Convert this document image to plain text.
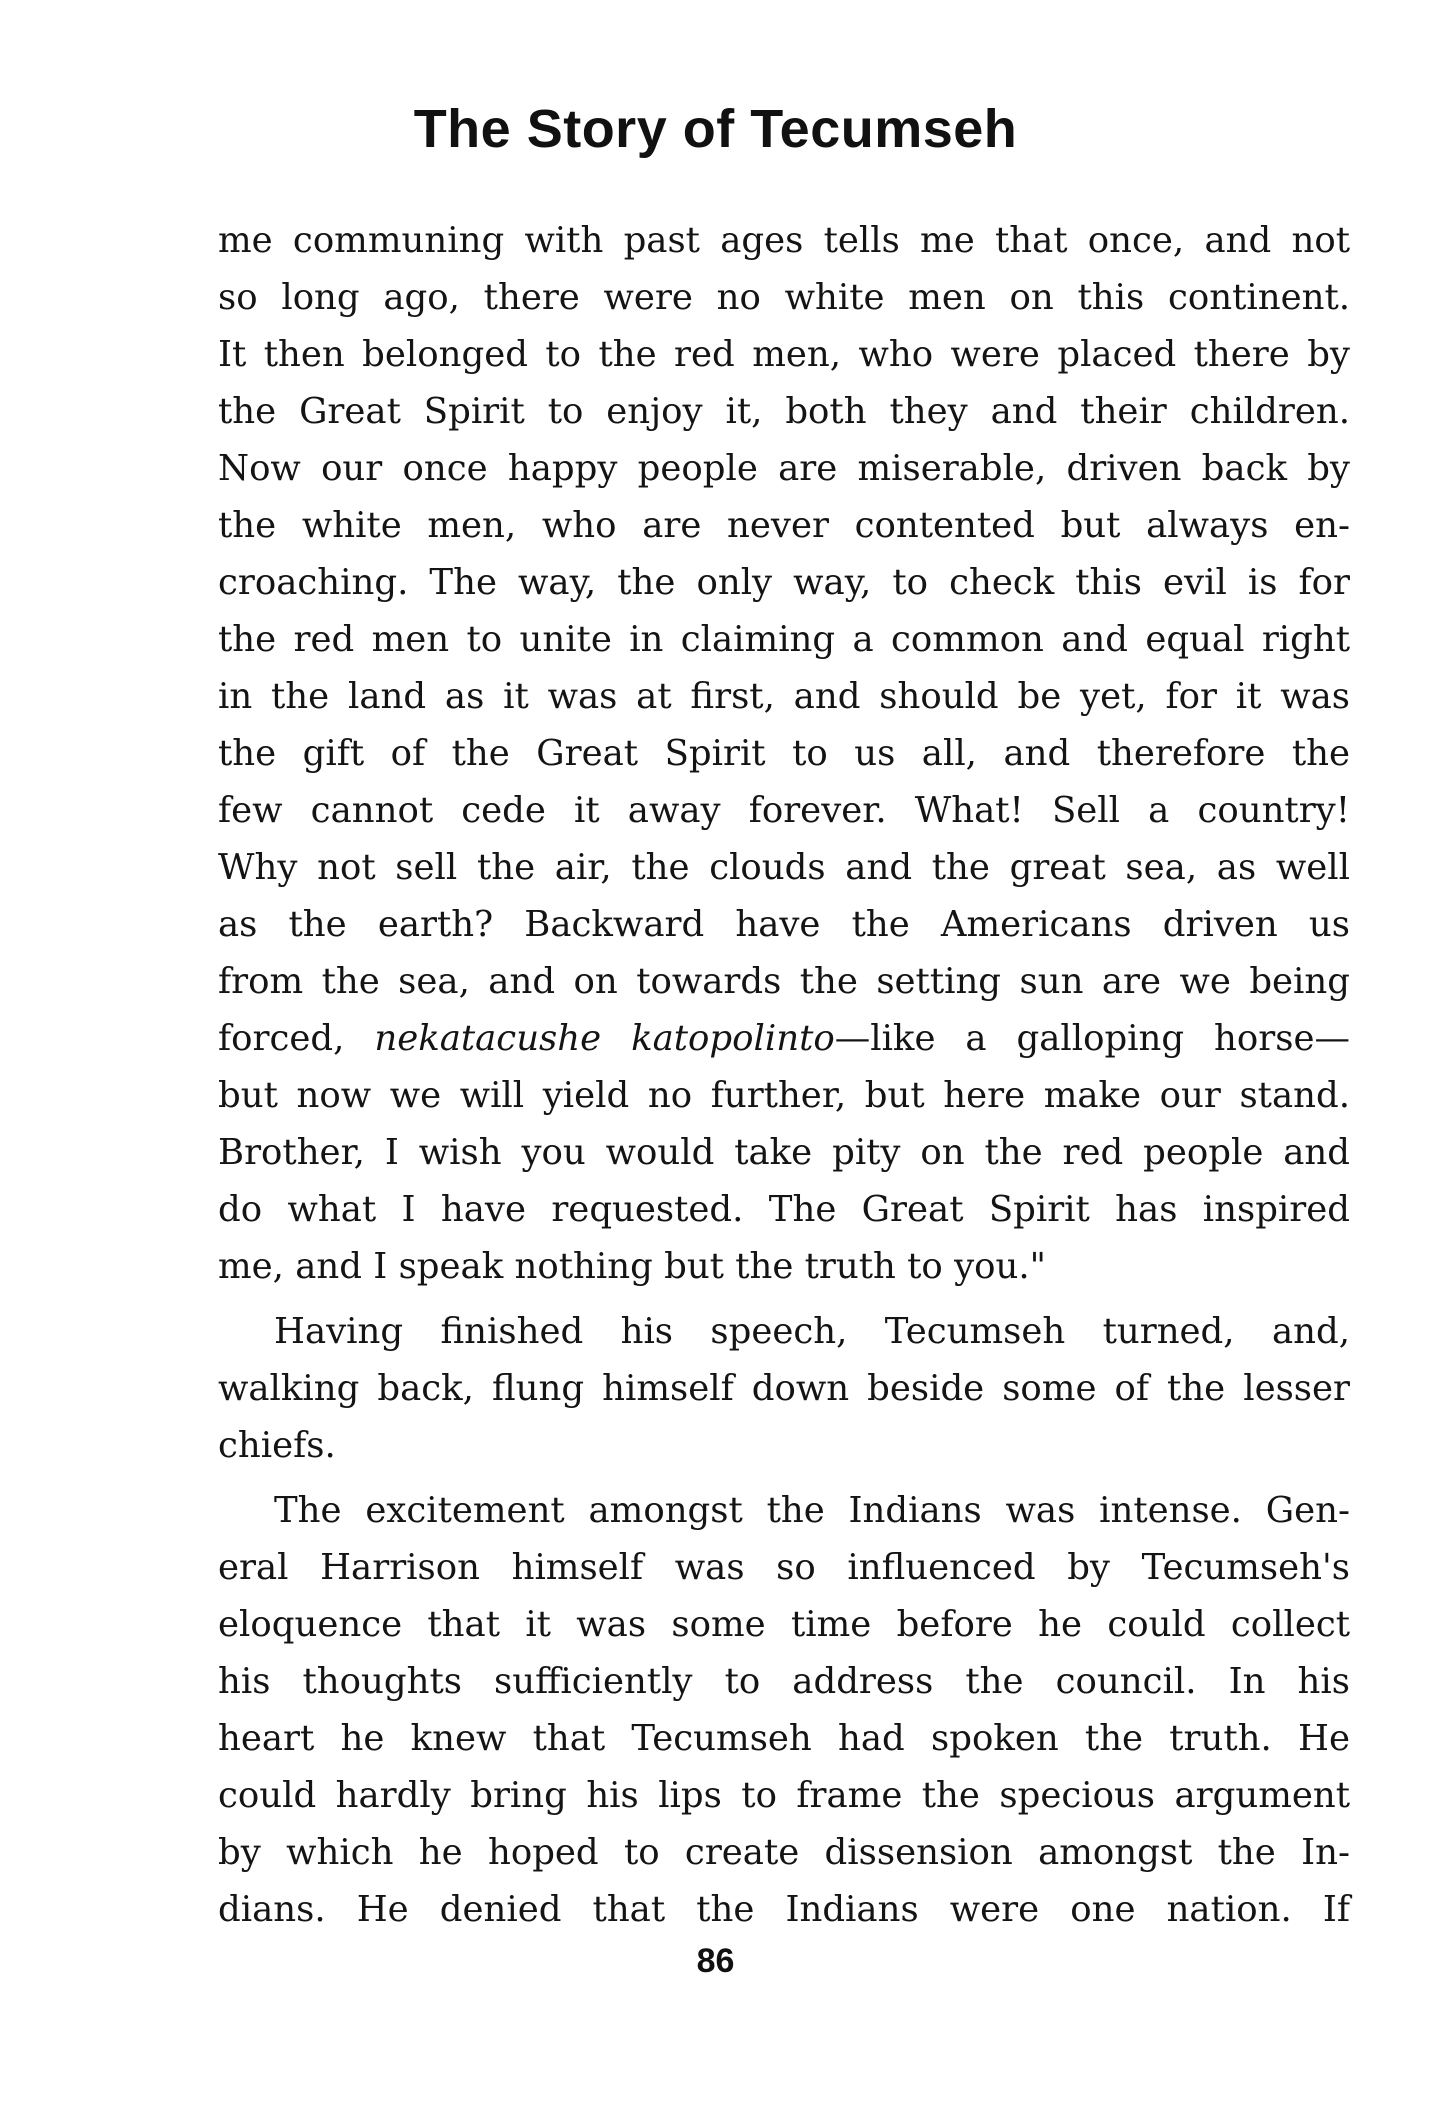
The Story of Tecumseh
me communing with past ages tells me that once, and not
so long ago, there were no white men on this continent.
It then belonged to the red men, who were placed there by
the Great Spirit to enjoy it, both they and their children.
Now our once happy people are miserable, driven back by
the white men, who are never contented but always en-
croaching. The way, the only way, to check this evil is for
the red men to unite in claiming a common and equal right
in the land as it was at first, and should be yet, for it was
the gift of the Great Spirit to us all, and therefore the
few cannot cede it away forever. What! Sell a country!
Why not sell the air, the clouds and the great sea, as well
as the earth? Backward have the Americans driven us
from the sea, and on towards the setting sun are we being
forced, nekatacushe katopolinto—like a galloping horse—
but now we will yield no further, but here make our stand.
Brother, I wish you would take pity on the red people and
do what I have requested. The Great Spirit has inspired
me, and I speak nothing but the truth to you."
Having finished his speech, Tecumseh turned, and,
walking back, flung himself down beside some of the lesser
chiefs.
The excitement amongst the Indians was intense. Gen-
eral Harrison himself was so influenced by Tecumseh's
eloquence that it was some time before he could collect
his thoughts sufficiently to address the council. In his
heart he knew that Tecumseh had spoken the truth. He
could hardly bring his lips to frame the specious argument
by which he hoped to create dissension amongst the In-
dians. He denied that the Indians were one nation. If
86
